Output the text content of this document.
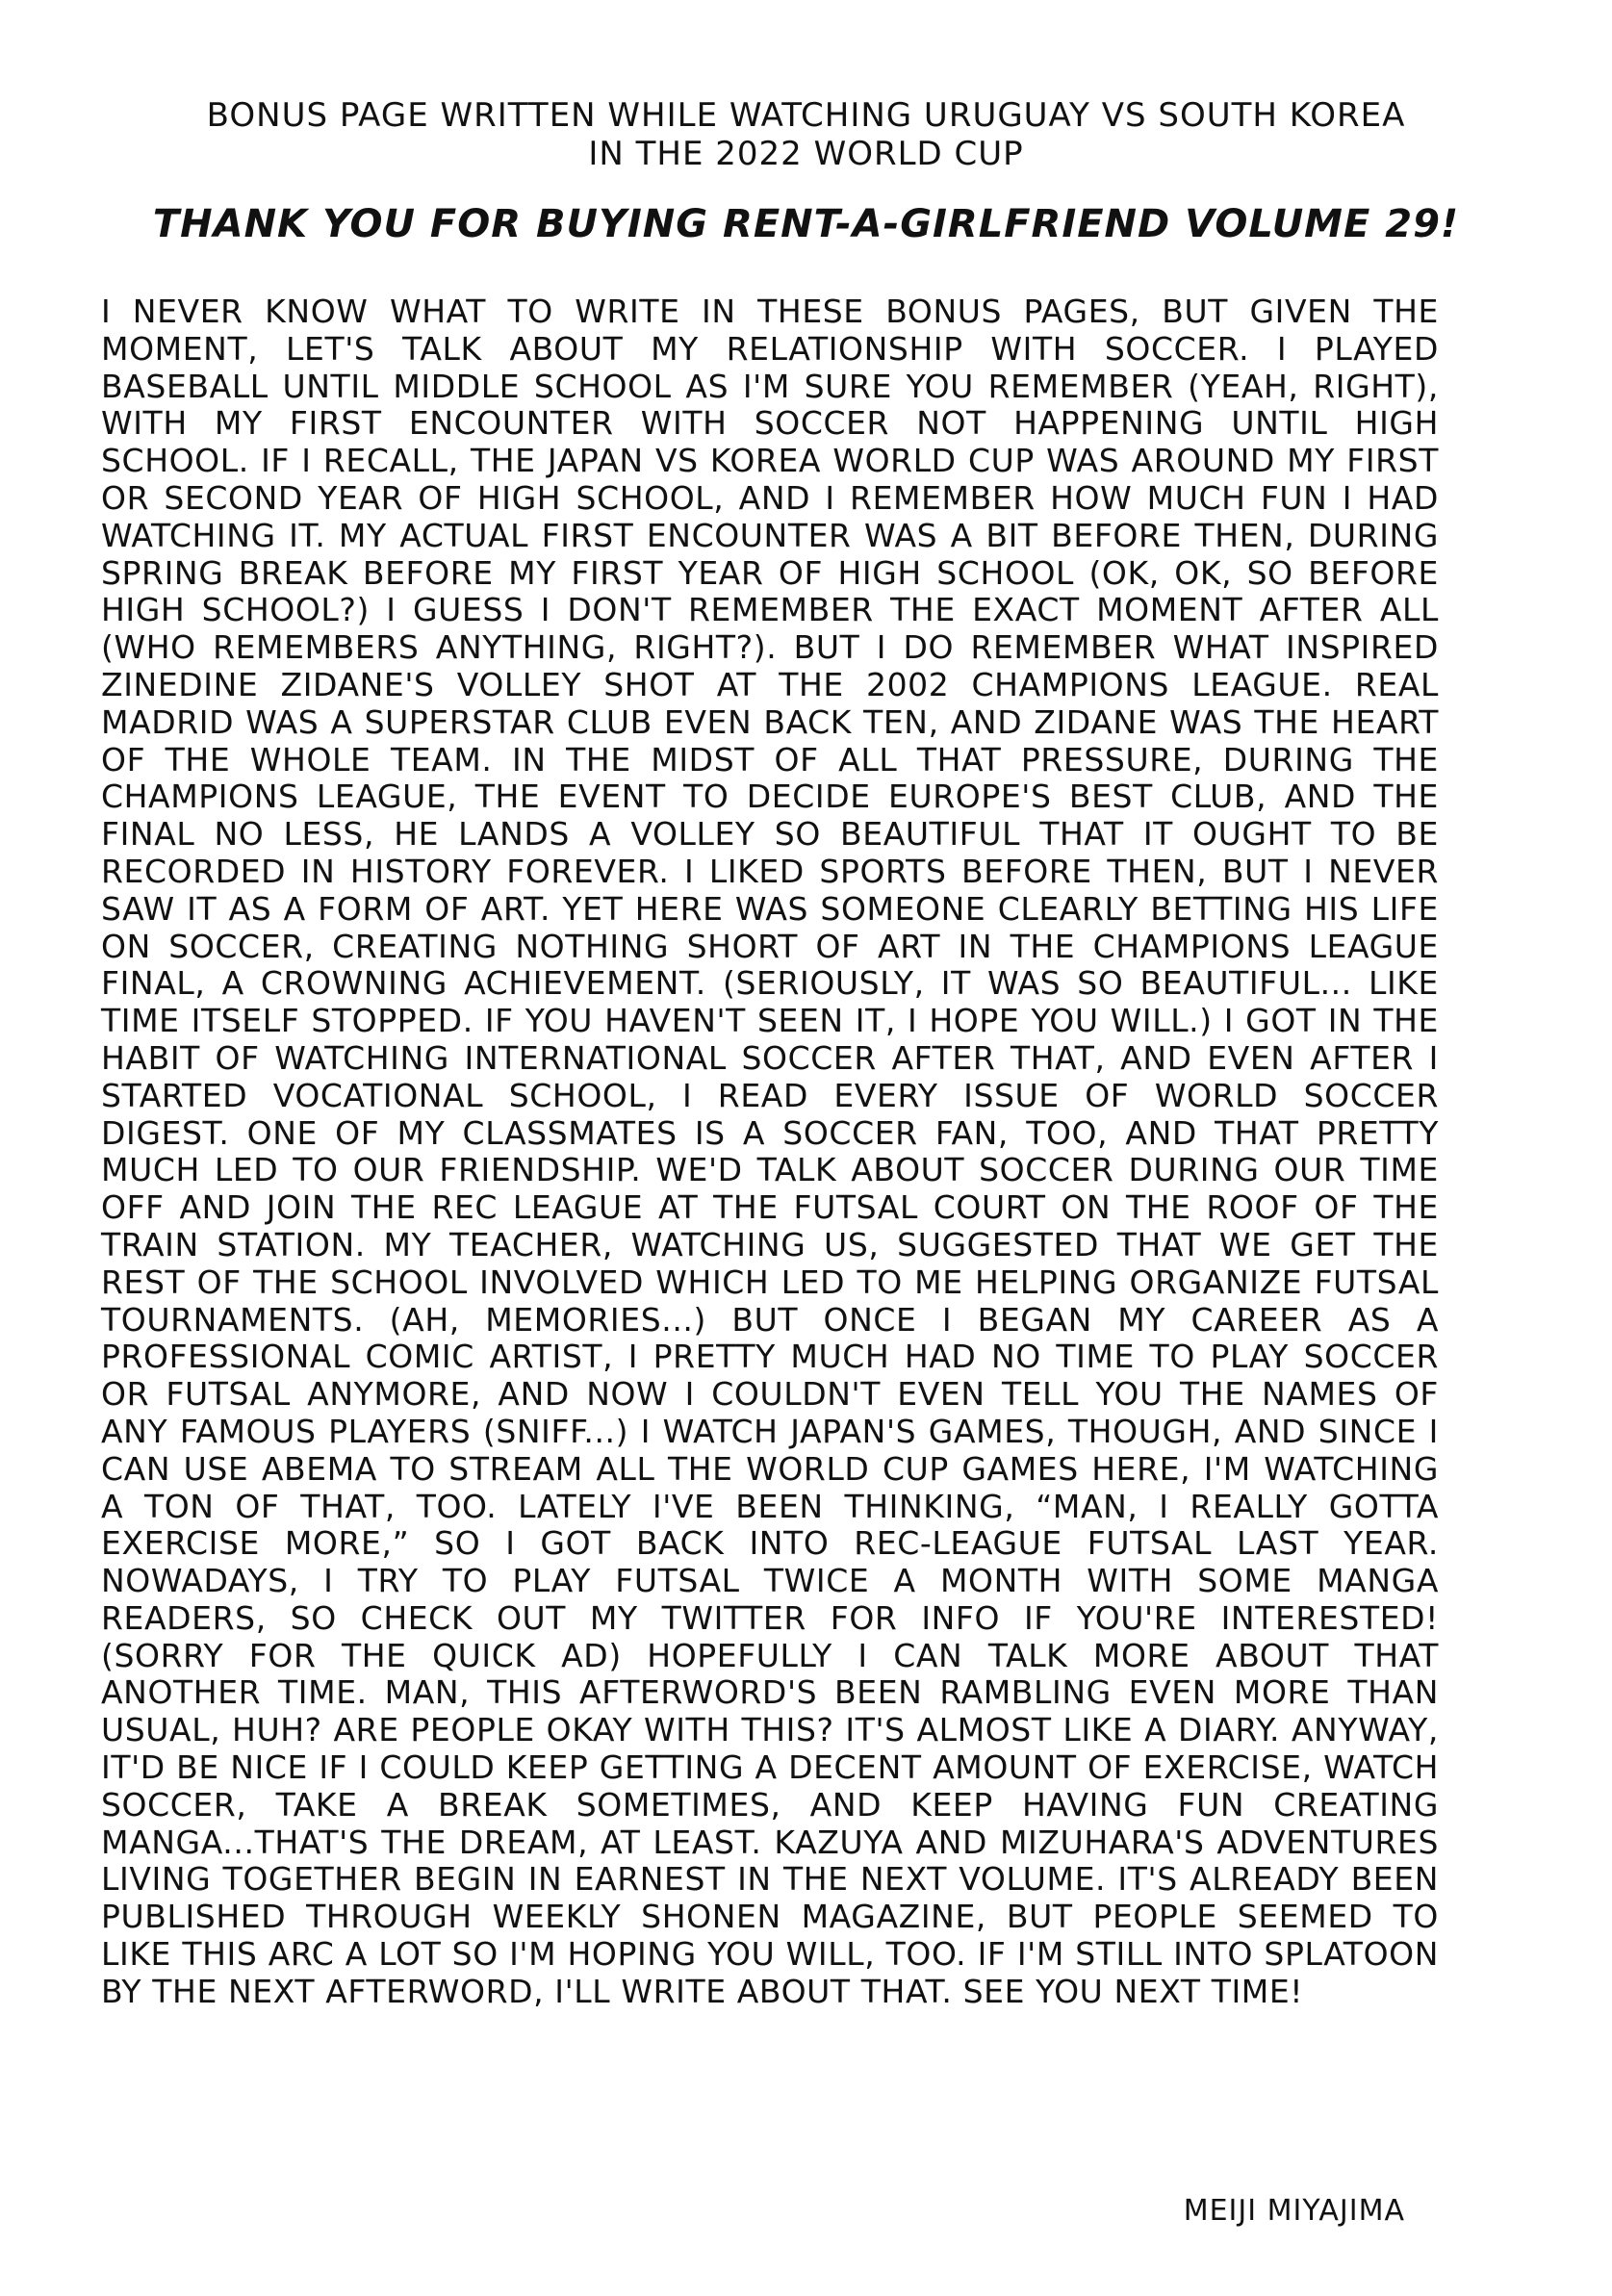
BONUS PAGE WRITTEN WHILE WATCHING URUGUAY VS SOUTH KOREA
IN THE 2022 WORLD CUP
THANK YOU FOR BUYING RENT-A-GIRLFRIEND VOLUME 29!
I NEVER KNOW WHAT TO WRITE IN THESE BONUS PAGES, BUT GIVEN THE MOMENT, LET'S TALK ABOUT MY RELATIONSHIP WITH SOCCER. I PLAYED BASEBALL UNTIL MIDDLE SCHOOL AS I'M SURE YOU REMEMBER (YEAH, RIGHT), WITH MY FIRST ENCOUNTER WITH SOCCER NOT HAPPENING UNTIL HIGH SCHOOL. IF I RECALL, THE JAPAN VS KOREA WORLD CUP WAS AROUND MY FIRST OR SECOND YEAR OF HIGH SCHOOL, AND I REMEMBER HOW MUCH FUN I HAD WATCHING IT. MY ACTUAL FIRST ENCOUNTER WAS A BIT BEFORE THEN, DURING SPRING BREAK BEFORE MY FIRST YEAR OF HIGH SCHOOL (OK, OK, SO BEFORE HIGH SCHOOL?) I GUESS I DON'T REMEMBER THE EXACT MOMENT AFTER ALL (WHO REMEMBERS ANYTHING, RIGHT?). BUT I DO REMEMBER WHAT INSPIRED ZINEDINE ZIDANE'S VOLLEY SHOT AT THE 2002 CHAMPIONS LEAGUE. REAL MADRID WAS A SUPERSTAR CLUB EVEN BACK TEN, AND ZIDANE WAS THE HEART OF THE WHOLE TEAM. IN THE MIDST OF ALL THAT PRESSURE, DURING THE CHAMPIONS LEAGUE, THE EVENT TO DECIDE EUROPE'S BEST CLUB, AND THE FINAL NO LESS, HE LANDS A VOLLEY SO BEAUTIFUL THAT IT OUGHT TO BE RECORDED IN HISTORY FOREVER. I LIKED SPORTS BEFORE THEN, BUT I NEVER SAW IT AS A FORM OF ART. YET HERE WAS SOMEONE CLEARLY BETTING HIS LIFE ON SOCCER, CREATING NOTHING SHORT OF ART IN THE CHAMPIONS LEAGUE FINAL, A CROWNING ACHIEVEMENT. (SERIOUSLY, IT WAS SO BEAUTIFUL... LIKE TIME ITSELF STOPPED. IF YOU HAVEN'T SEEN IT, I HOPE YOU WILL.) I GOT IN THE HABIT OF WATCHING INTERNATIONAL SOCCER AFTER THAT, AND EVEN AFTER I STARTED VOCATIONAL SCHOOL, I READ EVERY ISSUE OF WORLD SOCCER DIGEST. ONE OF MY CLASSMATES IS A SOCCER FAN, TOO, AND THAT PRETTY MUCH LED TO OUR FRIENDSHIP. WE'D TALK ABOUT SOCCER DURING OUR TIME OFF AND JOIN THE REC LEAGUE AT THE FUTSAL COURT ON THE ROOF OF THE TRAIN STATION. MY TEACHER, WATCHING US, SUGGESTED THAT WE GET THE REST OF THE SCHOOL INVOLVED WHICH LED TO ME HELPING ORGANIZE FUTSAL TOURNAMENTS. (AH, MEMORIES...) BUT ONCE I BEGAN MY CAREER AS A PROFESSIONAL COMIC ARTIST, I PRETTY MUCH HAD NO TIME TO PLAY SOCCER OR FUTSAL ANYMORE, AND NOW I COULDN'T EVEN TELL YOU THE NAMES OF ANY FAMOUS PLAYERS (SNIFF...) I WATCH JAPAN'S GAMES, THOUGH, AND SINCE I CAN USE ABEMA TO STREAM ALL THE WORLD CUP GAMES HERE, I'M WATCHING A TON OF THAT, TOO. LATELY I'VE BEEN THINKING, “MAN, I REALLY GOTTA EXERCISE MORE,” SO I GOT BACK INTO REC-LEAGUE FUTSAL LAST YEAR. NOWADAYS, I TRY TO PLAY FUTSAL TWICE A MONTH WITH SOME MANGA READERS, SO CHECK OUT MY TWITTER FOR INFO IF YOU'RE INTERESTED! (SORRY FOR THE QUICK AD) HOPEFULLY I CAN TALK MORE ABOUT THAT ANOTHER TIME. MAN, THIS AFTERWORD'S BEEN RAMBLING EVEN MORE THAN USUAL, HUH? ARE PEOPLE OKAY WITH THIS? IT'S ALMOST LIKE A DIARY. ANYWAY, IT'D BE NICE IF I COULD KEEP GETTING A DECENT AMOUNT OF EXERCISE, WATCH SOCCER, TAKE A BREAK SOMETIMES, AND KEEP HAVING FUN CREATING MANGA...THAT'S THE DREAM, AT LEAST. KAZUYA AND MIZUHARA'S ADVENTURES LIVING TOGETHER BEGIN IN EARNEST IN THE NEXT VOLUME. IT'S ALREADY BEEN PUBLISHED THROUGH WEEKLY SHONEN MAGAZINE, BUT PEOPLE SEEMED TO LIKE THIS ARC A LOT SO I'M HOPING YOU WILL, TOO. IF I'M STILL INTO SPLATOON BY THE NEXT AFTERWORD, I'LL WRITE ABOUT THAT. SEE YOU NEXT TIME!
MEIJI MIYAJIMA
